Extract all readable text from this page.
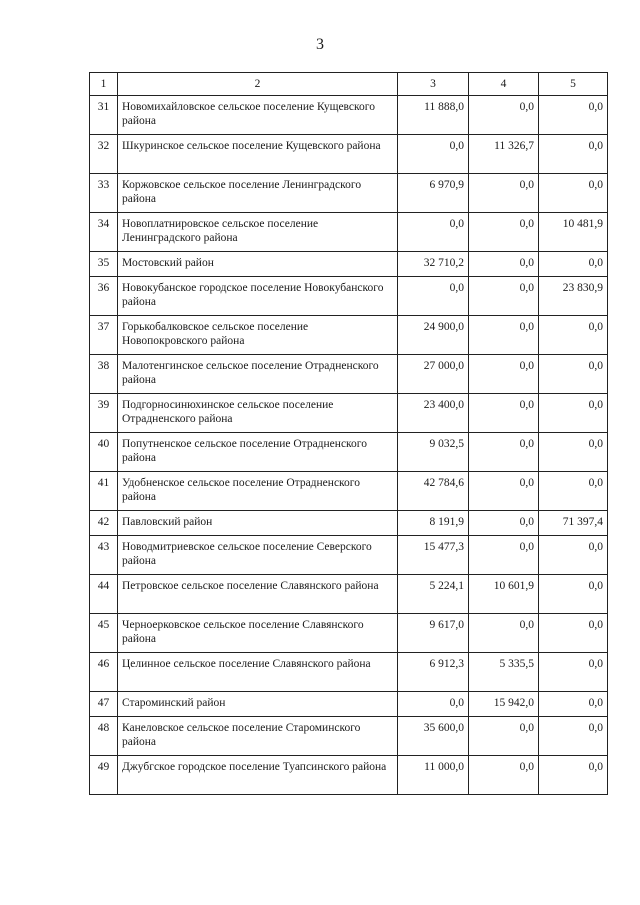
3
1	2	3	4	5
31	Новомихайловское сельское поселение Кущевского района	11 888,0	0,0	0,0
32	Шкуринское сельское поселение Кущевского района	0,0	11 326,7	0,0
33	Коржовское сельское поселение Ленинградского района	6 970,9	0,0	0,0
34	Новоплатнировское сельское поселение Ленинградского района	0,0	0,0	10 481,9
35	Мостовский район	32 710,2	0,0	0,0
36	Новокубанское городское поселение Новокубанского района	0,0	0,0	23 830,9
37	Горькобалковское сельское поселение Новопокровского района	24 900,0	0,0	0,0
38	Малотенгинское сельское поселение Отрадненского района	27 000,0	0,0	0,0
39	Подгорносинюхинское сельское поселение Отрадненского района	23 400,0	0,0	0,0
40	Попутненское сельское поселение Отрадненского района	9 032,5	0,0	0,0
41	Удобненское сельское поселение Отрадненского района	42 784,6	0,0	0,0
42	Павловский район	8 191,9	0,0	71 397,4
43	Новодмитриевское сельское поселение Северского района	15 477,3	0,0	0,0
44	Петровское сельское поселение Славянского района	5 224,1	10 601,9	0,0
45	Черноерковское сельское поселение Славянского района	9 617,0	0,0	0,0
46	Целинное сельское поселение Славянского района	6 912,3	5 335,5	0,0
47	Староминский район	0,0	15 942,0	0,0
48	Канеловское сельское поселение Староминского района	35 600,0	0,0	0,0
49	Джубгское городское поселение Туапсинского района	11 000,0	0,0	0,0
